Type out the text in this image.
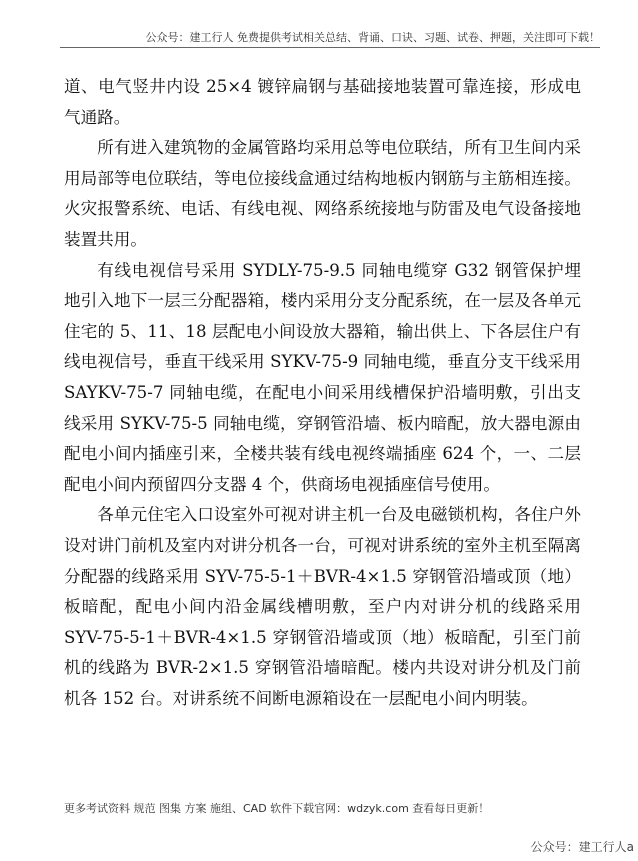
公众号：建工行人 免费提供考试相关总结、背诵、口诀、习题、试卷、押题，关注即可下载！

道、电气竖井内设 25×4 镀锌扁钢与基础接地装置可靠连接，形成电气通路。

所有进入建筑物的金属管路均采用总等电位联结，所有卫生间内采用局部等电位联结，等电位接线盒通过结构地板内钢筋与主筋相连接。火灾报警系统、电话、有线电视、网络系统接地与防雷及电气设备接地装置共用。

有线电视信号采用 SYDLY-75-9.5 同轴电缆穿 G32 钢管保护埋地引入地下一层三分配器箱，楼内采用分支分配系统，在一层及各单元住宅的 5、11、18 层配电小间设放大器箱，输出供上、下各层住户有线电视信号，垂直干线采用 SYKV-75-9 同轴电缆，垂直分支干线采用 SAYKV-75-7 同轴电缆，在配电小间采用线槽保护沿墙明敷，引出支线采用 SYKV-75-5 同轴电缆，穿钢管沿墙、板内暗配，放大器电源由配电小间内插座引来，全楼共装有线电视终端插座 624 个，一、二层配电小间内预留四分支器 4 个，供商场电视插座信号使用。

各单元住宅入口设室外可视对讲主机一台及电磁锁机构，各住户外设对讲门前机及室内对讲分机各一台，可视对讲系统的室外主机至隔离分配器的线路采用 SYV-75-5-1＋BVR-4×1.5 穿钢管沿墙或顶（地）板暗配，配电小间内沿金属线槽明敷，至户内对讲分机的线路采用 SYV-75-5-1＋BVR-4×1.5 穿钢管沿墙或顶（地）板暗配，引至门前机的线路为 BVR-2×1.5 穿钢管沿墙暗配。楼内共设对讲分机及门前机各 152 台。对讲系统不间断电源箱设在一层配电小间内明装。

更多考试资料 规范 图集 方案 施组、CAD 软件下载官网：wdzyk.com 查看每日更新！
公众号：建工行人a
